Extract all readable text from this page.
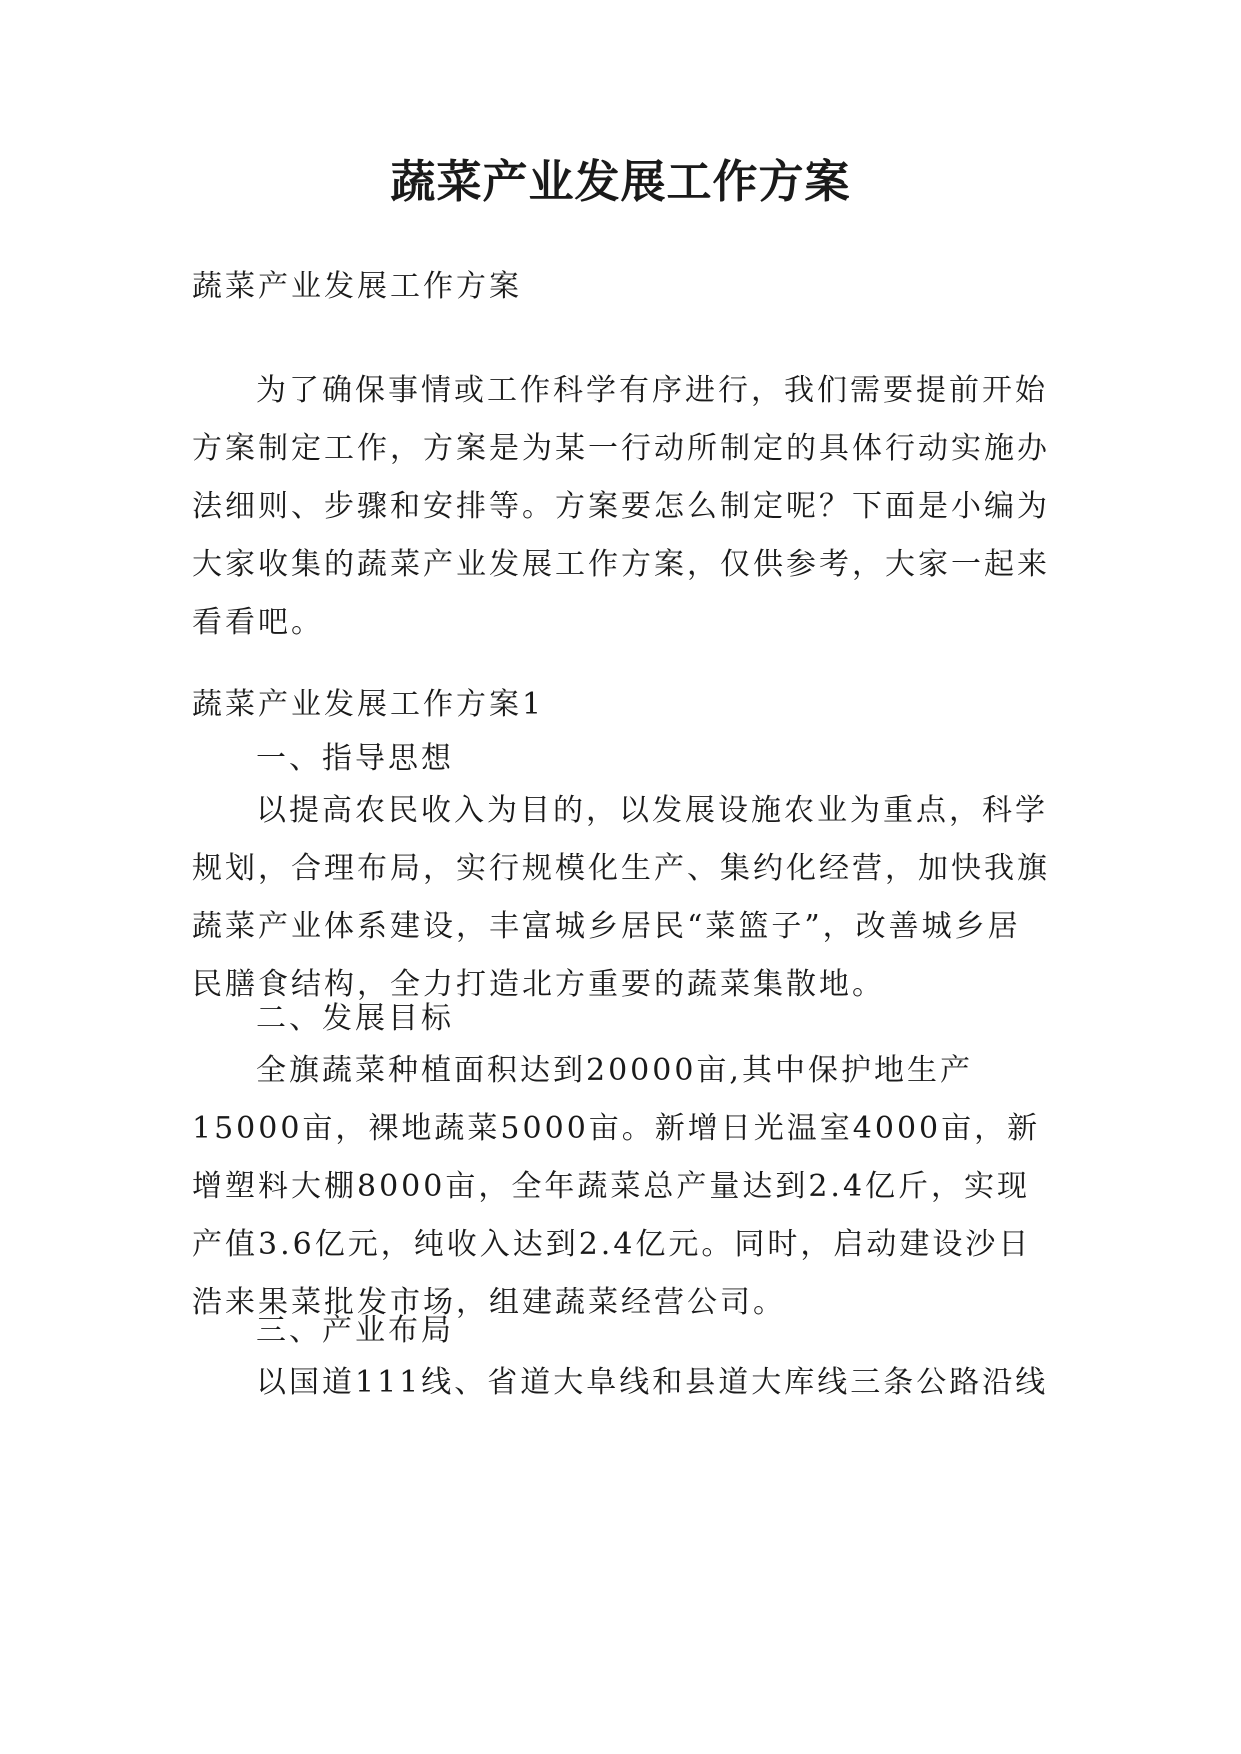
蔬菜产业发展工作方案

蔬菜产业发展工作方案

为了确保事情或工作科学有序进行，我们需要提前开始方案制定工作，方案是为某一行动所制定的具体行动实施办法细则、步骤和安排等。方案要怎么制定呢？下面是小编为大家收集的蔬菜产业发展工作方案，仅供参考，大家一起来看看吧。

蔬菜产业发展工作方案1

一、指导思想

以提高农民收入为目的，以发展设施农业为重点，科学规划，合理布局，实行规模化生产、集约化经营，加快我旗蔬菜产业体系建设，丰富城乡居民“菜篮子”，改善城乡居民膳食结构，全力打造北方重要的蔬菜集散地。

二、发展目标

全旗蔬菜种植面积达到20000亩,其中保护地生产15000亩，裸地蔬菜5000亩。新增日光温室4000亩，新增塑料大棚8000亩，全年蔬菜总产量达到2.4亿斤，实现产值3.6亿元，纯收入达到2.4亿元。同时，启动建设沙日浩来果菜批发市场，组建蔬菜经营公司。

三、产业布局

以国道111线、省道大阜线和县道大库线三条公路沿线
